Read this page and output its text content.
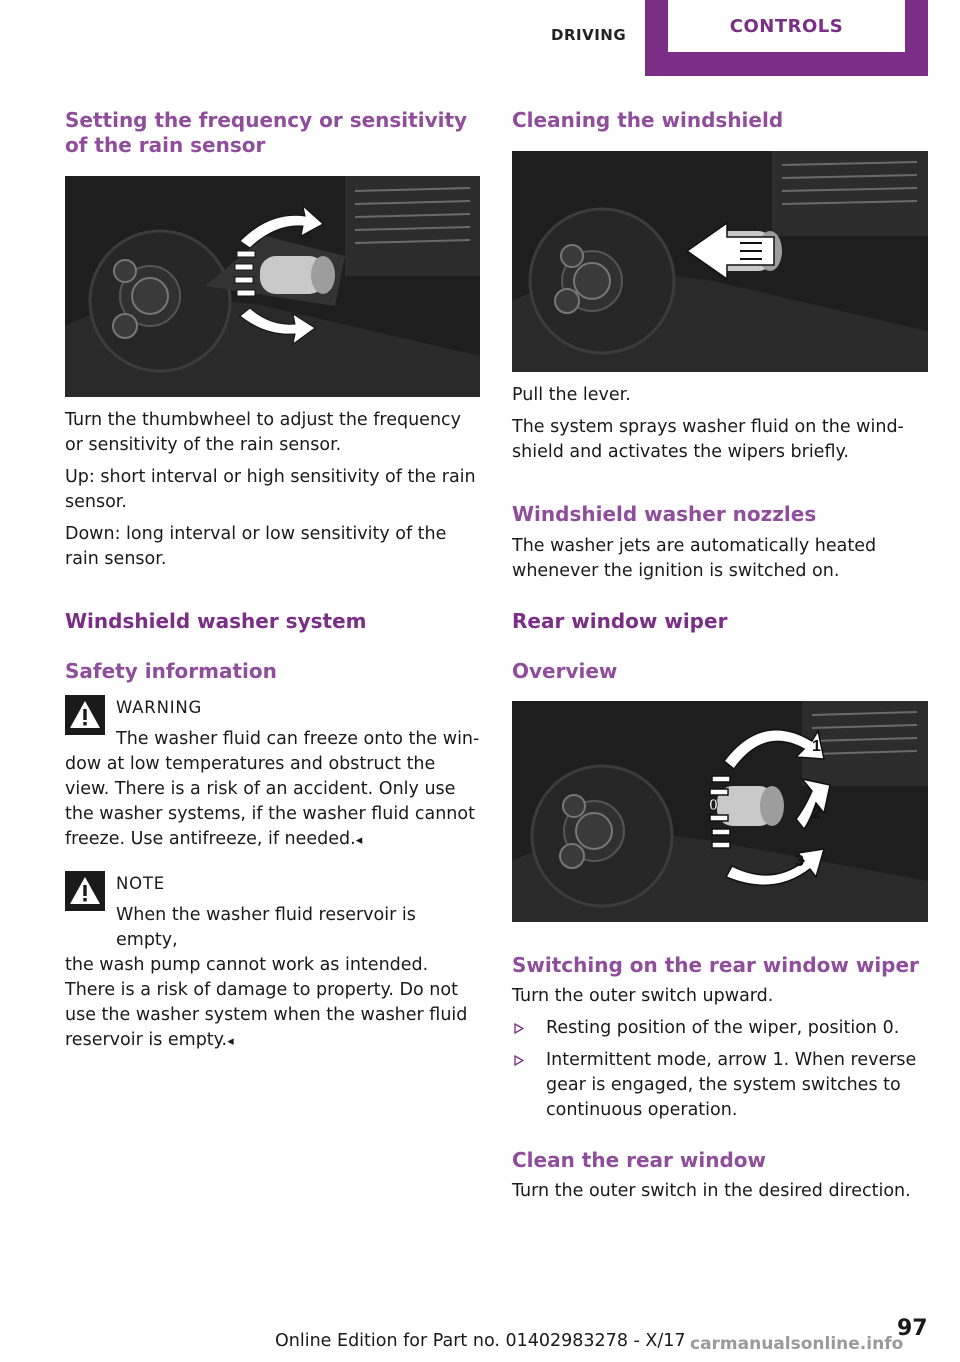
DRIVING	CONTROLS
Setting the frequency or sensitivity of the rain sensor

Turn the thumbwheel to adjust the frequency or sensitivity of the rain sensor.

Up: short interval or high sensitivity of the rain sensor.

Down: long interval or low sensitivity of the rain sensor.

Windshield washer system
Safety information
WARNING

The washer fluid can freeze onto the win-

dow at low temperatures and obstruct the view. There is a risk of an accident. Only use the washer systems, if the washer fluid cannot freeze. Use antifreeze, if needed.◂

NOTE

When the washer fluid reservoir is empty,

the wash pump cannot work as intended. There is a risk of damage to property. Do not use the washer system when the washer fluid reservoir is empty.◂

Cleaning the windshield

Pull the lever.

The system sprays washer fluid on the wind- shield and activates the wipers briefly.

Windshield washer nozzles

The washer jets are automatically heated whenever the ignition is switched on.

Rear window wiper
Overview
0
1
2
3
Switching on the rear window wiper

Turn the outer switch upward.

Resting position of the wiper, position 0.
Intermittent mode, arrow 1. When reverse gear is engaged, the system switches to continuous operation.
Clean the rear window

Turn the outer switch in the desired direction.

Online Edition for Part no. 01402983278 - X/17	97
carmanualsonline.info
